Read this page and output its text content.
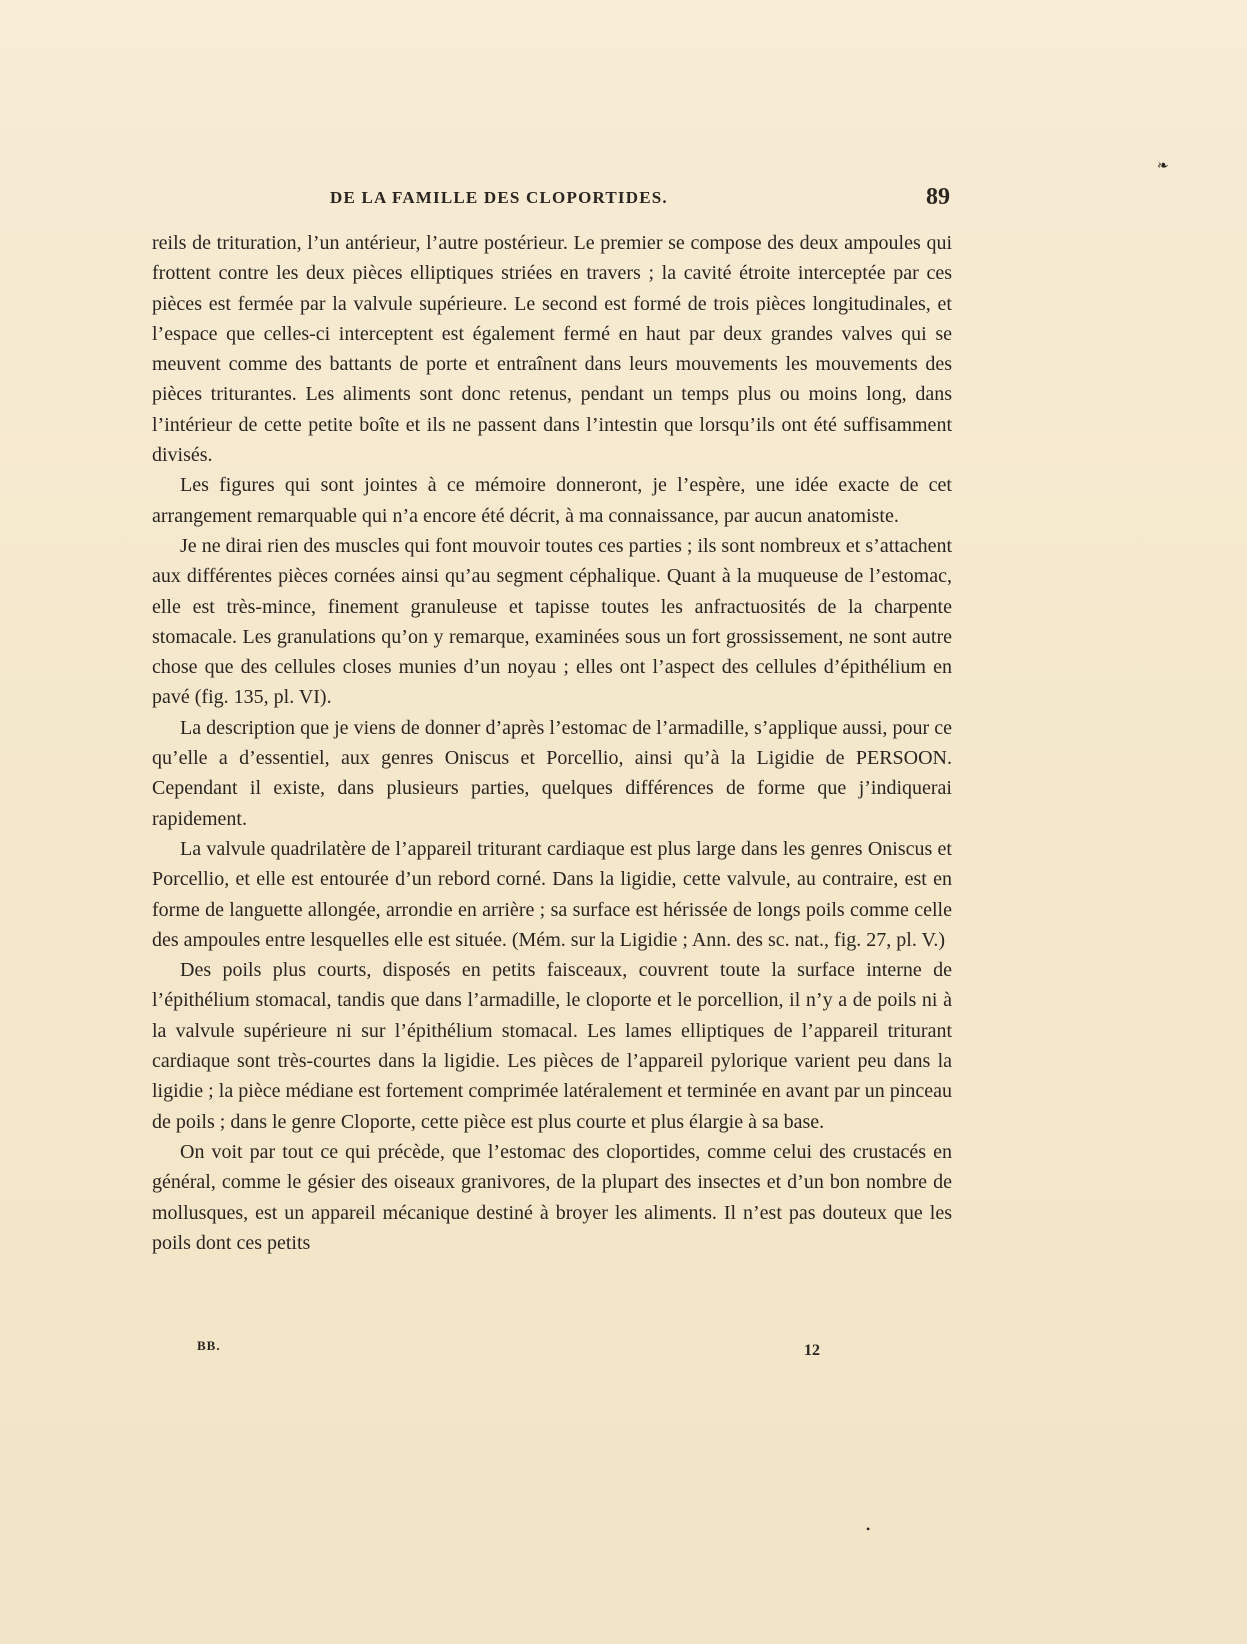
❧
DE LA FAMILLE DES CLOPORTIDES.	89

reils de trituration, l’un antérieur, l’autre postérieur. Le premier se compose des deux ampoules qui frottent contre les deux pièces elliptiques striées en travers ; la cavité étroite interceptée par ces pièces est fermée par la valvule supérieure. Le second est formé de trois pièces longitudinales, et l’espace que celles-ci interceptent est également fermé en haut par deux grandes valves qui se meuvent comme des battants de porte et entraînent dans leurs mouvements les mouvements des pièces triturantes. Les aliments sont donc retenus, pendant un temps plus ou moins long, dans l’intérieur de cette petite boîte et ils ne passent dans l’intestin que lorsqu’ils ont été suffisamment divisés.

Les figures qui sont jointes à ce mémoire donneront, je l’espère, une idée exacte de cet arrangement remarquable qui n’a encore été décrit, à ma connaissance, par aucun anatomiste.

Je ne dirai rien des muscles qui font mouvoir toutes ces parties ; ils sont nombreux et s’attachent aux différentes pièces cornées ainsi qu’au segment céphalique. Quant à la muqueuse de l’estomac, elle est très-mince, finement granuleuse et tapisse toutes les anfractuosités de la charpente stomacale. Les granulations qu’on y remarque, examinées sous un fort grossissement, ne sont autre chose que des cellules closes munies d’un noyau ; elles ont l’aspect des cellules d’épithélium en pavé (fig. 135, pl. VI).

La description que je viens de donner d’après l’estomac de l’armadille, s’applique aussi, pour ce qu’elle a d’essentiel, aux genres Oniscus et Porcellio, ainsi qu’à la Ligidie de PERSOON. Cependant il existe, dans plusieurs parties, quelques différences de forme que j’indiquerai rapidement.

La valvule quadrilatère de l’appareil triturant cardiaque est plus large dans les genres Oniscus et Porcellio, et elle est entourée d’un rebord corné. Dans la ligidie, cette valvule, au contraire, est en forme de languette allongée, arrondie en arrière ; sa surface est hérissée de longs poils comme celle des ampoules entre lesquelles elle est située. (Mém. sur la Ligidie ; Ann. des sc. nat., fig. 27, pl. V.)

Des poils plus courts, disposés en petits faisceaux, couvrent toute la surface interne de l’épithélium stomacal, tandis que dans l’armadille, le cloporte et le porcellion, il n’y a de poils ni à la valvule supérieure ni sur l’épithélium stomacal. Les lames elliptiques de l’appareil triturant cardiaque sont très-courtes dans la ligidie. Les pièces de l’appareil pylorique varient peu dans la ligidie ; la pièce médiane est fortement comprimée latéralement et terminée en avant par un pinceau de poils ; dans le genre Cloporte, cette pièce est plus courte et plus élargie à sa base.

On voit par tout ce qui précède, que l’estomac des cloportides, comme celui des crustacés en général, comme le gésier des oiseaux granivores, de la plupart des insectes et d’un bon nombre de mollusques, est un appareil mécanique destiné à broyer les aliments. Il n’est pas douteux que les poils dont ces petits

BB.	12
•
